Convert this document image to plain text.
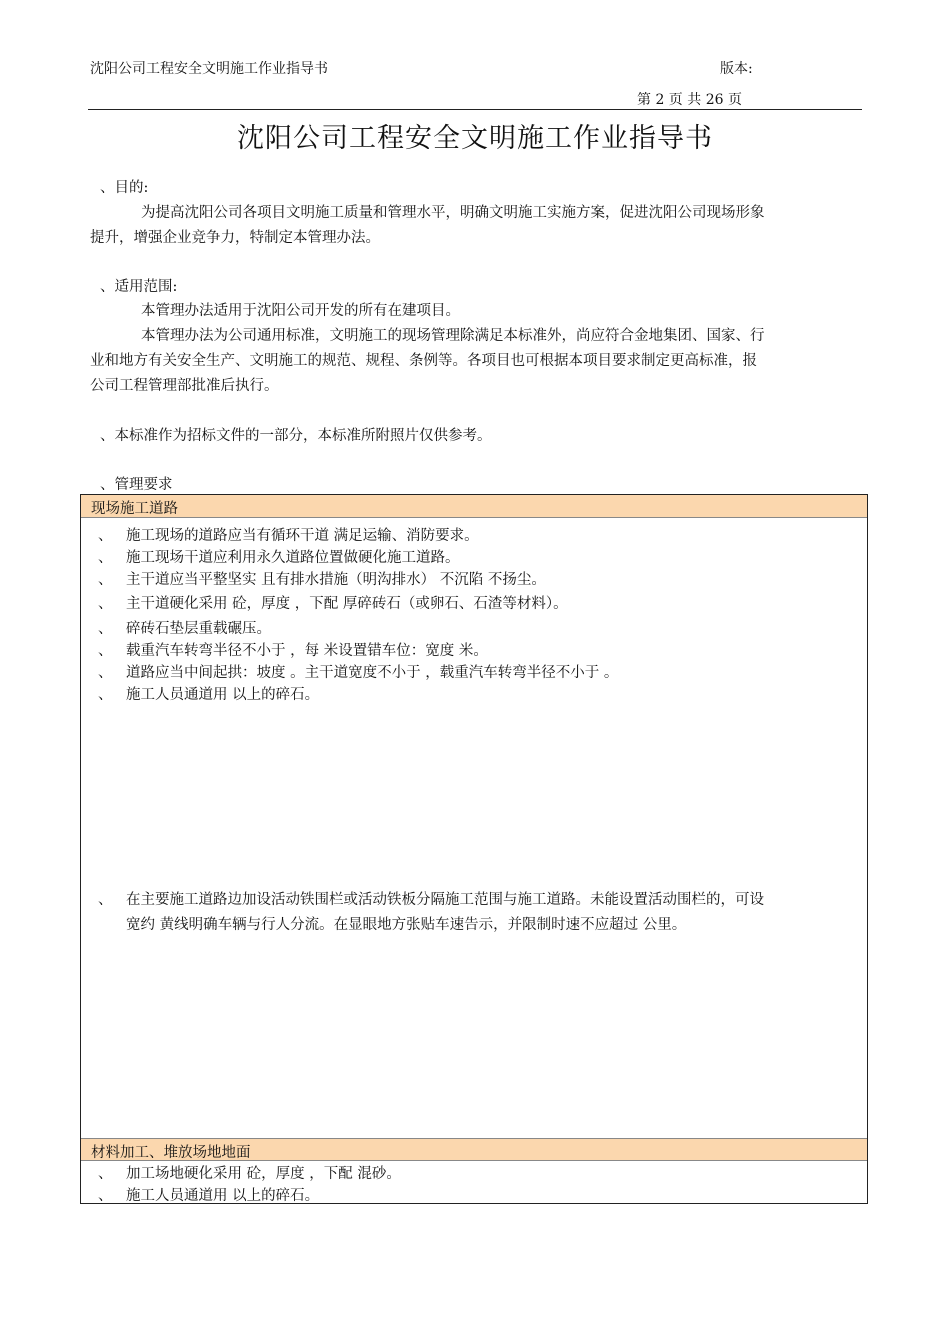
沈阳公司工程安全文明施工作业指导书	版本:
第 2 页 共 26 页
沈阳公司工程安全文明施工作业指导书
、目的:
为提高沈阳公司各项目文明施工质量和管理水平，明确文明施工实施方案，促进沈阳公司现场形象
提升，增强企业竞争力，特制定本管理办法。
、适用范围:
本管理办法适用于沈阳公司开发的所有在建项目。
本管理办法为公司通用标准，文明施工的现场管理除满足本标准外，尚应符合金地集团、国家、行
业和地方有关安全生产、文明施工的规范、规程、条例等。各项目也可根据本项目要求制定更高标准，报
公司工程管理部批准后执行。
、本标准作为招标文件的一部分，本标准所附照片仅供参考。
、管理要求
现场施工道路
、 施工现场的道路应当有循环干道 满足运输、消防要求。
、 施工现场干道应利用永久道路位置做硬化施工道路。
、 主干道应当平整坚实 且有排水措施（明沟排水） 不沉陷 不扬尘。
、 主干道硬化采用 砼，厚度 ，下配 厚碎砖石（或卵石、石渣等材料）。
、 碎砖石垫层重载碾压。
、 载重汽车转弯半径不小于 ，每 米设置错车位：宽度 米。
、 道路应当中间起拱：坡度 。主干道宽度不小于 ，载重汽车转弯半径不小于 。
、 施工人员通道用 以上的碎石。
、 在主要施工道路边加设活动铁围栏或活动铁板分隔施工范围与施工道路。未能设置活动围栏的，可设
宽约 黄线明确车辆与行人分流。在显眼地方张贴车速告示，并限制时速不应超过 公里。
材料加工、堆放场地地面
、 加工场地硬化采用 砼，厚度 ，下配 混砂。
、 施工人员通道用 以上的碎石。
